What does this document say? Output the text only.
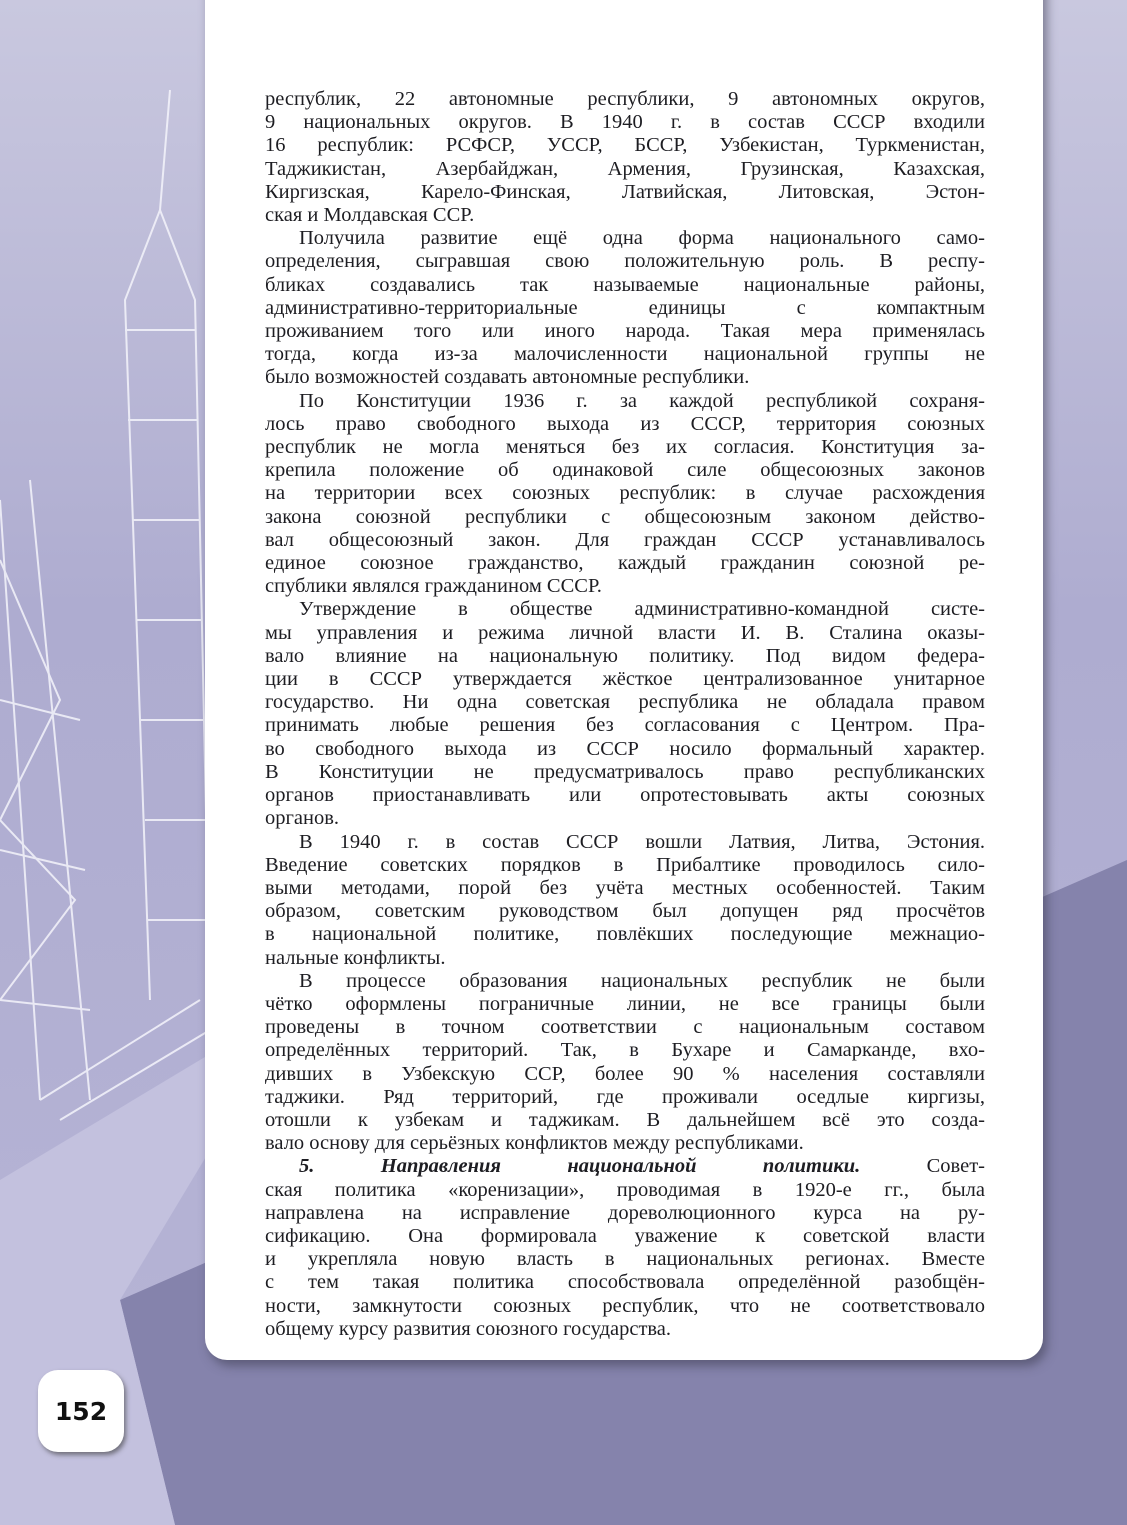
республик, 22 автономные республики, 9 автономных округов,
9 национальных округов. В 1940 г. в состав СССР входили
16 республик: РСФСР, УССР, БССР, Узбекистан, Туркменистан,
Таджикистан, Азербайджан, Армения, Грузинская, Казахская,
Киргизская, Карело-Финская, Латвийская, Литовская, Эстон-
ская и Молдавская ССР.
Получила развитие ещё одна форма национального само-
определения, сыгравшая свою положительную роль. В респу-
бликах создавались так называемые национальные районы,
административно-территориальные единицы с компактным
проживанием того или иного народа. Такая мера применялась
тогда, когда из-за малочисленности национальной группы не
было возможностей создавать автономные республики.
По Конституции 1936 г. за каждой республикой сохраня-
лось право свободного выхода из СССР, территория союзных
республик не могла меняться без их согласия. Конституция за-
крепила положение об одинаковой силе общесоюзных законов
на территории всех союзных республик: в случае расхождения
закона союзной республики с общесоюзным законом действо-
вал общесоюзный закон. Для граждан СССР устанавливалось
единое союзное гражданство, каждый гражданин союзной ре-
спублики являлся гражданином СССР.
Утверждение в обществе административно-командной систе-
мы управления и режима личной власти И. В. Сталина оказы-
вало влияние на национальную политику. Под видом федера-
ции в СССР утверждается жёсткое централизованное унитарное
государство. Ни одна советская республика не обладала правом
принимать любые решения без согласования с Центром. Пра-
во свободного выхода из СССР носило формальный характер.
В Конституции не предусматривалось право республиканских
органов приостанавливать или опротестовывать акты союзных
органов.
В 1940 г. в состав СССР вошли Латвия, Литва, Эстония.
Введение советских порядков в Прибалтике проводилось сило-
выми методами, порой без учёта местных особенностей. Таким
образом, советским руководством был допущен ряд просчётов
в национальной политике, повлёкших последующие межнацио-
нальные конфликты.
В процессе образования национальных республик не были
чётко оформлены пограничные линии, не все границы были
проведены в точном соответствии с национальным составом
определённых территорий. Так, в Бухаре и Самарканде, вхо-
дивших в Узбекскую ССР, более 90 % населения составляли
таджики. Ряд территорий, где проживали оседлые киргизы,
отошли к узбекам и таджикам. В дальнейшем всё это созда-
вало основу для серьёзных конфликтов между республиками.
5. Направления национальной политики. Совет-
ская политика «коренизации», проводимая в 1920-е гг., была
направлена на исправление дореволюционного курса на ру-
сификацию. Она формировала уважение к советской власти
и укрепляла новую власть в национальных регионах. Вместе
с тем такая политика способствовала определённой разобщён-
ности, замкнутости союзных республик, что не соответствовало
общему курсу развития союзного государства.
152
